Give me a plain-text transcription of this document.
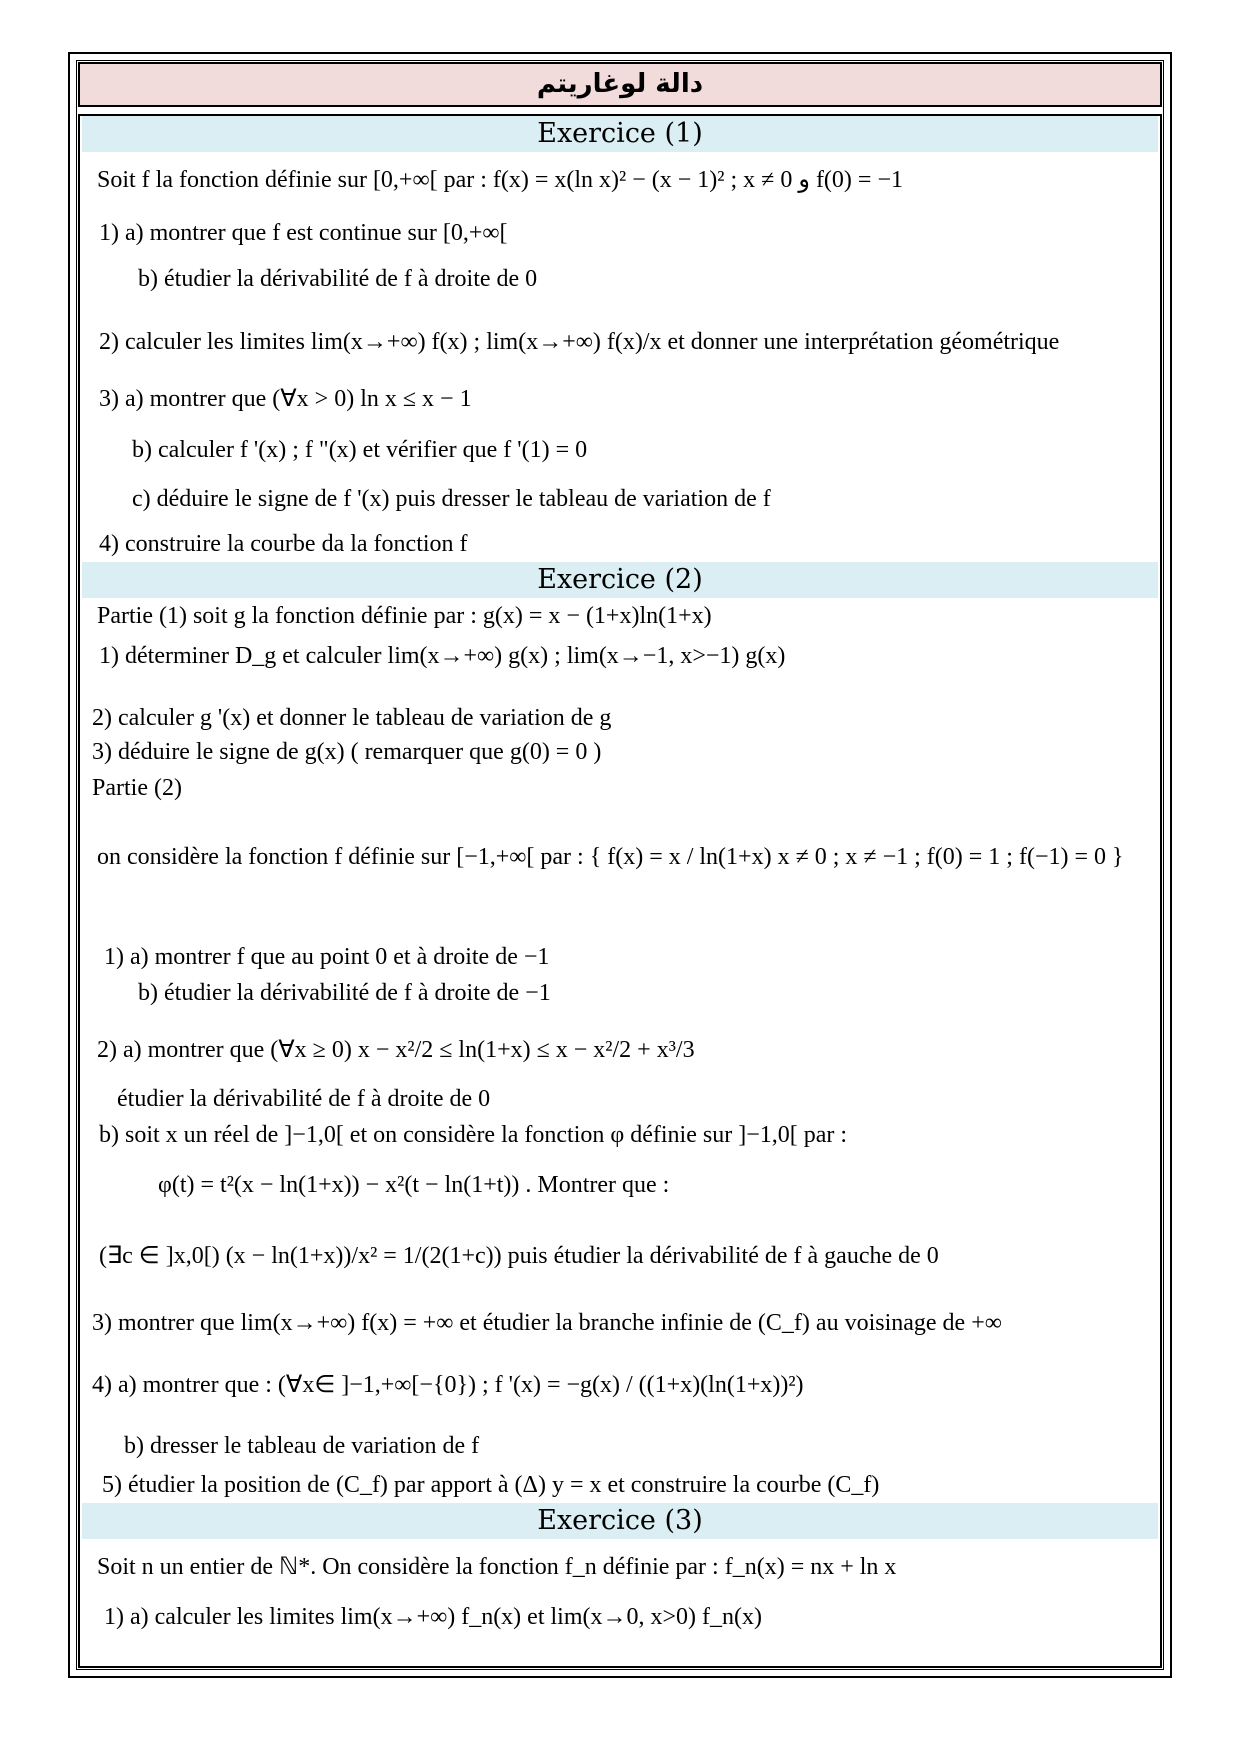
دالة لوغاريتم
Exercice (1)
Soit f la fonction définie sur [0,+∞[ par : f(x) = x(ln x)² − (x − 1)² ; x ≠ 0 و f(0) = −1
1) a) montrer que f est continue sur [0,+∞[
b) étudier la dérivabilité de f à droite de 0
2) calculer les limites lim(x→+∞) f(x) ; lim(x→+∞) f(x)/x et donner une interprétation géométrique
3) a) montrer que (∀x > 0) ln x ≤ x − 1
b) calculer f '(x) ; f "(x) et vérifier que f '(1) = 0
c) déduire le signe de f '(x) puis dresser le tableau de variation de f
4) construire la courbe da la fonction f
Exercice (2)
Partie (1) soit g la fonction définie par : g(x) = x − (1+x)ln(1+x)
1) déterminer D_g et calculer lim(x→+∞) g(x) ; lim(x→−1, x>−1) g(x)
2) calculer g '(x) et donner le tableau de variation de g
3) déduire le signe de g(x) ( remarquer que g(0) = 0 )
Partie (2)
on considère la fonction f définie sur [−1,+∞[ par : { f(x) = x / ln(1+x) x ≠ 0 ; x ≠ −1 ; f(0) = 1 ; f(−1) = 0 }
1) a) montrer f que au point 0 et à droite de −1
b) étudier la dérivabilité de f à droite de −1
2) a) montrer que (∀x ≥ 0) x − x²/2 ≤ ln(1+x) ≤ x − x²/2 + x³/3
étudier la dérivabilité de f à droite de 0
b) soit x un réel de ]−1,0[ et on considère la fonction φ définie sur ]−1,0[ par :
φ(t) = t²(x − ln(1+x)) − x²(t − ln(1+t)) . Montrer que :
(∃c ∈ ]x,0[) (x − ln(1+x))/x² = 1/(2(1+c)) puis étudier la dérivabilité de f à gauche de 0
3) montrer que lim(x→+∞) f(x) = +∞ et étudier la branche infinie de (C_f) au voisinage de +∞
4) a) montrer que : (∀x∈ ]−1,+∞[−{0}) ; f '(x) = −g(x) / ((1+x)(ln(1+x))²)
b) dresser le tableau de variation de f
5) étudier la position de (C_f) par apport à (Δ) y = x et construire la courbe (C_f)
Exercice (3)
Soit n un entier de ℕ*. On considère la fonction f_n définie par : f_n(x) = nx + ln x
1) a) calculer les limites lim(x→+∞) f_n(x) et lim(x→0, x>0) f_n(x)
